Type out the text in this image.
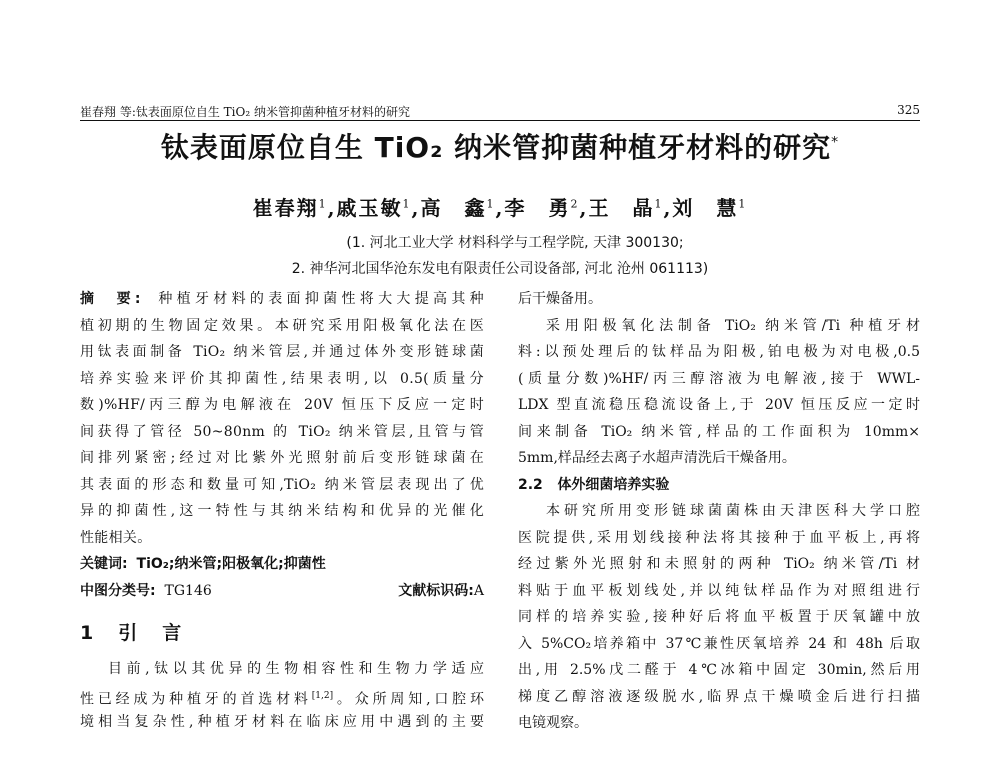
崔春翔 等:钛表面原位自生 TiO₂ 纳米管抑菌种植牙材料的研究	325
钛表面原位自生 TiO₂ 纳米管抑菌种植牙材料的研究*
崔春翔$^1$,戚玉敏$^1$,高　鑫$^1$,李　勇$^2$,王　晶$^1$,刘　慧$^1$
(1. 河北工业大学 材料科学与工程学院, 天津 300130;
2. 神华河北国华沧东发电有限责任公司设备部, 河北 沧州 061113)
摘　要: 种植牙材料的表面抑菌性将大大提高其种
植初期的生物固定效果。本研究采用阳极氧化法在医
用钛表面制备 TiO₂ 纳米管层,并通过体外变形链球菌
培养实验来评价其抑菌性,结果表明,以 0.5(质量分
数)%HF/丙三醇为电解液在 20V 恒压下反应一定时
间获得了管径 50~80nm 的 TiO₂ 纳米管层,且管与管
间排列紧密;经过对比紫外光照射前后变形链球菌在
其表面的形态和数量可知,TiO₂ 纳米管层表现出了优
异的抑菌性,这一特性与其纳米结构和优异的光催化
性能相关。
关键词: TiO₂;纳米管;阳极氧化;抑菌性
中图分类号: TG146	文献标识码:A
1　引　言
目前,钛以其优异的生物相容性和生物力学适应
性已经成为种植牙的首选材料[1,2]。众所周知,口腔环
境相当复杂性,种植牙材料在临床应用中遇到的主要
后干燥备用。
采用阳极氧化法制备 TiO₂ 纳米管/Ti 种植牙材
料:以预处理后的钛样品为阳极,铂电极为对电极,0.5
(质量分数)%HF/丙三醇溶液为电解液,接于 WWL-
LDX 型直流稳压稳流设备上,于 20V 恒压反应一定时
间来制备 TiO₂ 纳米管,样品的工作面积为 10mm×
5mm,样品经去离子水超声清洗后干燥备用。
2.2 体外细菌培养实验
本研究所用变形链球菌菌株由天津医科大学口腔
医院提供,采用划线接种法将其接种于血平板上,再将
经过紫外光照射和未照射的两种 TiO₂ 纳米管/Ti 材
料贴于血平板划线处,并以纯钛样品作为对照组进行
同样的培养实验,接种好后将血平板置于厌氧罐中放
入 5%CO₂培养箱中 37℃兼性厌氧培养 24 和 48h 后取
出,用 2.5%戊二醛于 4℃冰箱中固定 30min,然后用
梯度乙醇溶液逐级脱水,临界点干燥喷金后进行扫描
电镜观察。
